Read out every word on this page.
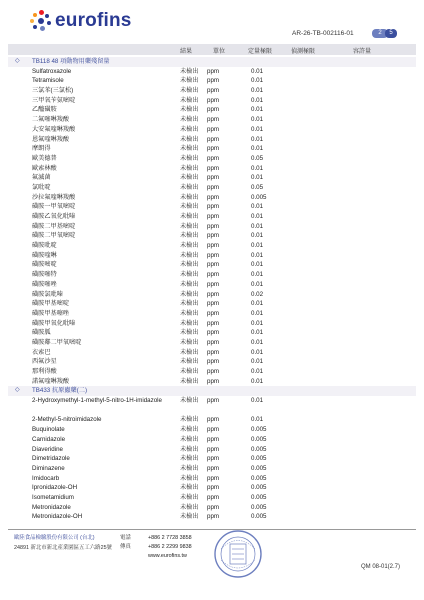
eurofins
AR-26-TB-002116-01	2	5
結果	單位	定量極限	偵測極限	容許量
◇ TB118 48 項動物用藥殘留量
Sulfatroxazole	未檢出 ppm	0.01
Tetramisole	未檢出 ppm	0.01
三氯苯(三氯松)	未檢出 ppm	0.01
三甲氧苄氨嘧啶	未檢出 ppm	0.01
乙醯磺胺	未檢出 ppm	0.01
二氟噻啉羧酸	未檢出 ppm	0.01
大安氟喹啉羧酸	未檢出 ppm	0.01
恩氟喹啉羧酸	未檢出 ppm	0.01
摩朗得	未檢出 ppm	0.01
歐美德普	未檢出 ppm	0.05
歐索林酸	未檢出 ppm	0.01
氟滅菌	未檢出 ppm	0.01
氯吡啶	未檢出 ppm	0.05
沙拉氟喹啉羧酸	未檢出 ppm	0.005
磺胺一甲氧嘧啶	未檢出 ppm	0.01
磺胺乙氧化吡嗪	未檢出 ppm	0.01
磺胺二甲基嘧啶	未檢出 ppm	0.01
磺胺二甲氧嘧啶	未檢出 ppm	0.01
磺胺吡啶	未檢出 ppm	0.01
磺胺喹啉	未檢出 ppm	0.01
磺胺嘧啶	未檢出 ppm	0.01
磺胺噻特	未檢出 ppm	0.01
磺胺噻唑	未檢出 ppm	0.01
磺胺氯吡嗪	未檢出 ppm	0.02
磺胺甲基嘧啶	未檢出 ppm	0.01
磺胺甲基噻唑	未檢出 ppm	0.01
磺胺甲氧化吡嗪	未檢出 ppm	0.01
磺胺胍	未檢出 ppm	0.01
磺胺鄰二甲氧嘧啶	未檢出 ppm	0.01
衣索巴	未檢出 ppm	0.01
西氟沙星	未檢出 ppm	0.01
那利得酸	未檢出 ppm	0.01
諾氟喹啉羧酸	未檢出 ppm	0.01
◇ TB433 抗原蟲藥(二)
2-Hydroxymethyl-1-methyl-5-nitro-1H-imidazole	未檢出 ppm	0.01
2-Methyl-5-nitroimidazole	未檢出 ppm	0.01
Buquinolate	未檢出 ppm	0.005
Carnidazole	未檢出 ppm	0.005
Diaveridine	未檢出 ppm	0.005
Dimetridazole	未檢出 ppm	0.005
Diminazene	未檢出 ppm	0.005
Imidocarb	未檢出 ppm	0.005
Ipronidazole-OH	未檢出 ppm	0.005
Isometamidium	未檢出 ppm	0.005
Metronidazole	未檢出 ppm	0.005
Metronidazole-OH	未檢出 ppm	0.005
歐陸食品檢驗股份有限公司 (台北)
24891 新北市新北產業園區五工六路25號
電話	+886 2 7728 3858
傳真	+886 2 2299 9838
www.eurofins.tw
QM 08-01(2.7)
